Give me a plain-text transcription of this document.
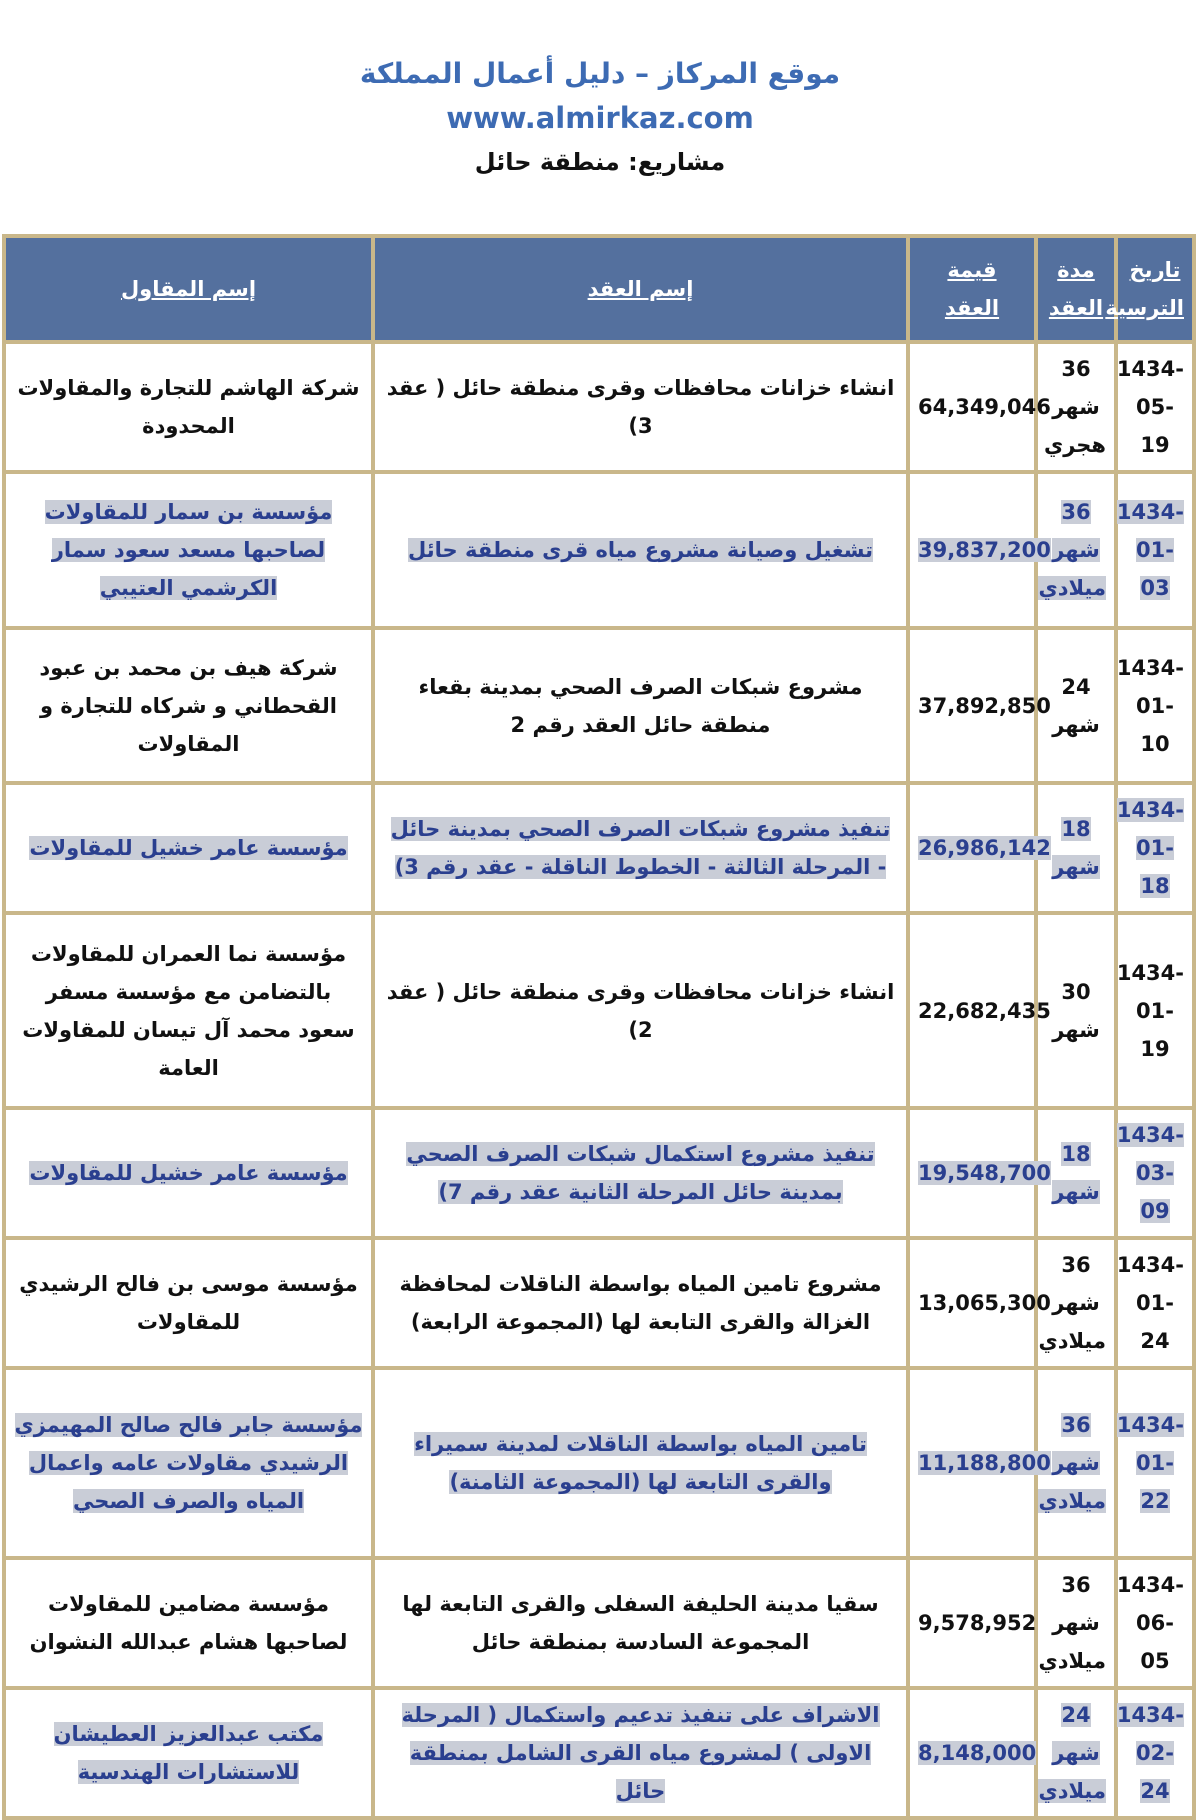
موقع المركاز – دليل أعمال المملكة
www.almirkaz.com
مشاريع: منطقة حائل
تاريخ الترسية	مدة العقد	قيمة العقد	إسم العقد	إسم المقاول
1434-05-19	36 شهر هجري	64,349,046	انشاء خزانات محافظات وقرى منطقة حائل ( عقد 3)	شركة الهاشم للتجارة والمقاولات المحدودة
1434-01-03	36 شهر ميلادي	39,837,200	تشغيل وصيانة مشروع مياه قرى منطقة حائل	مؤسسة بن سمار للمقاولات لصاحبها مسعد سعود سمار الكرشمي العتيبي
1434-01-10	24 شهر	37,892,850	مشروع شبكات الصرف الصحي بمدينة بقعاء منطقة حائل العقد رقم 2	شركة هيف بن محمد بن عبود القحطاني و شركاه للتجارة و المقاولات
1434-01-18	18 شهر	26,986,142	تنفيذ مشروع شبكات الصرف الصحي بمدينة حائل - المرحلة الثالثة - الخطوط الناقلة - عقد رقم 3)	مؤسسة عامر خشيل للمقاولات
1434-01-19	30 شهر	22,682,435	انشاء خزانات محافظات وقرى منطقة حائل ( عقد 2)	مؤسسة نما العمران للمقاولات بالتضامن مع مؤسسة مسفر سعود محمد آل تيسان للمقاولات العامة
1434-03-09	18 شهر	19,548,700	تنفيذ مشروع استكمال شبكات الصرف الصحي بمدينة حائل المرحلة الثانية عقد رقم 7)	مؤسسة عامر خشيل للمقاولات
1434-01-24	36 شهر ميلادي	13,065,300	مشروع تامين المياه بواسطة الناقلات لمحافظة الغزالة والقرى التابعة لها (المجموعة الرابعة)	مؤسسة موسى بن فالح الرشيدي للمقاولات
1434-01-22	36 شهر ميلادي	11,188,800	تامين المياه بواسطة الناقلات لمدينة سميراء والقرى التابعة لها (المجموعة الثامنة)	مؤسسة جابر فالح صالح المهيمزي الرشيدي مقاولات عامه واعمال المياه والصرف الصحي
1434-06-05	36 شهر ميلادي	9,578,952	سقيا مدينة الحليفة السفلى والقرى التابعة لها المجموعة السادسة بمنطقة حائل	مؤسسة مضامين للمقاولات لصاحبها هشام عبدالله النشوان
1434-02-24	24 شهر ميلادي	8,148,000	الاشراف على تنفيذ تدعيم واستكمال ( المرحلة الاولى ) لمشروع مياه القرى الشامل بمنطقة حائل	مكتب عبدالعزيز العطيشان للاستشارات الهندسية
